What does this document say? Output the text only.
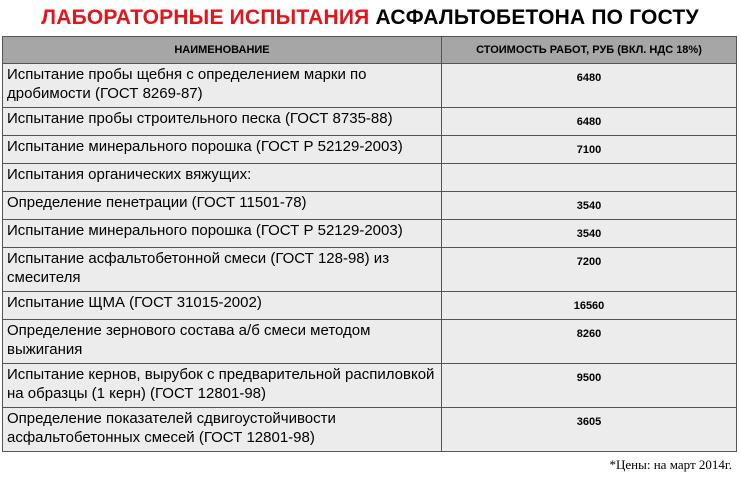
ЛАБОРАТОРНЫЕ ИСПЫТАНИЯ АСФАЛЬТОБЕТОНА ПО ГОСТУ
НАИМЕНОВАНИЕ	СТОИМОСТЬ РАБОТ, РУБ (ВКЛ. НДС 18%)
Испытание пробы щебня с определением марки по дробимости (ГОСТ 8269-87)	6480
Испытание пробы строительного песка (ГОСТ 8735-88)	6480
Испытание минерального порошка (ГОСТ Р 52129-2003)	7100
Испытания органических вяжущих:	
Определение пенетрации (ГОСТ 11501-78)	3540
Испытание минерального порошка (ГОСТ Р 52129-2003)	3540
Испытание асфальтобетонной смеси (ГОСТ 128-98) из смесителя	7200
Испытание ЩМА (ГОСТ 31015-2002)	16560
Определение зернового состава а/б смеси методом выжигания	8260
Испытание кернов, вырубок с предварительной распиловкой на образцы (1 керн) (ГОСТ 12801-98)	9500
Определение показателей сдвигоустойчивости асфальтобетонных смесей (ГОСТ 12801-98)	3605
*Цены: на март 2014г.
